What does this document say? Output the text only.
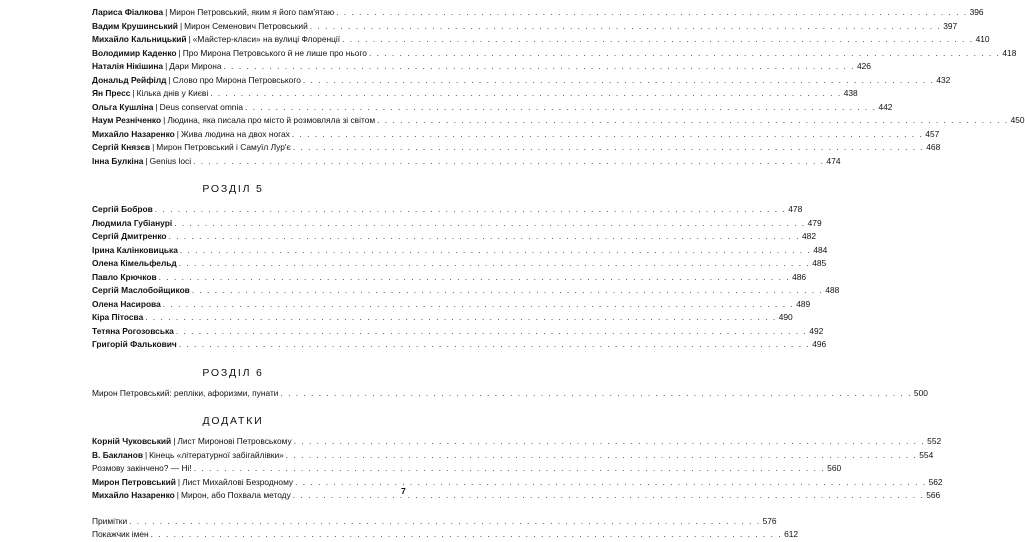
Лариса Фіалкова | Мирон Петровський, яким я його пам'ятаю . . .	396
Вадим Крушинський | Мирон Семенович Петровський . . .	397
Михайло Кальницький | «Майстер-класи» на вулиці Флоренції . . .	410
Володимир Каденко | Про Мирона Петровського й не лише про нього . . .	418
Наталія Нікішина | Дари Мирона . . .	426
Дональд Рейфілд | Слово про Мирона Петровського . . .	432
Ян Пресс | Кілька днів у Києві . . .	438
Ольга Кушліна | Deus conservat omnia . . .	442
Наум Резніченко | Людина, яка писала про місто й розмовляла зі світом . . .	450
Михайло Назаренко | Жива людина на двох ногах . . .	457
Сергій Князєв | Мирон Петровський і Самуїл Лур'є . . .	468
Інна Булкіна | Genius loci . . .	474
РОЗДІЛ 5
Сергій Бобров . . .	478
Людмила Губіанурі . . .	479
Сергій Дмитренко . . .	482
Ірина Калінковицька . . .	484
Олена Кімельфельд . . .	485
Павло Крючков . . .	486
Сергій Маслобойщиков . . .	488
Олена Насирова . . .	489
Кіра Пітосва . . .	490
Тетяна Рогозовська . . .	492
Григорій Фалькович . . .	496
РОЗДІЛ 6
Мирон Петровський: репліки, афоризми, пунати . . .	500
ДОДАТКИ
Корній Чуковський | Лист Миронові Петровському . . .	552
В. Бакланов | Кінець «літературної забігайлівки» . . .	554
Розмову закінчено? — Ні! . . .	560
Мирон Петровський | Лист Михайлові Безродному . . .	562
Михайло Назаренко | Мирон, або Похвала методу . . .	566
Примітки . . .	576
Покажчик імен . . .	612
7
